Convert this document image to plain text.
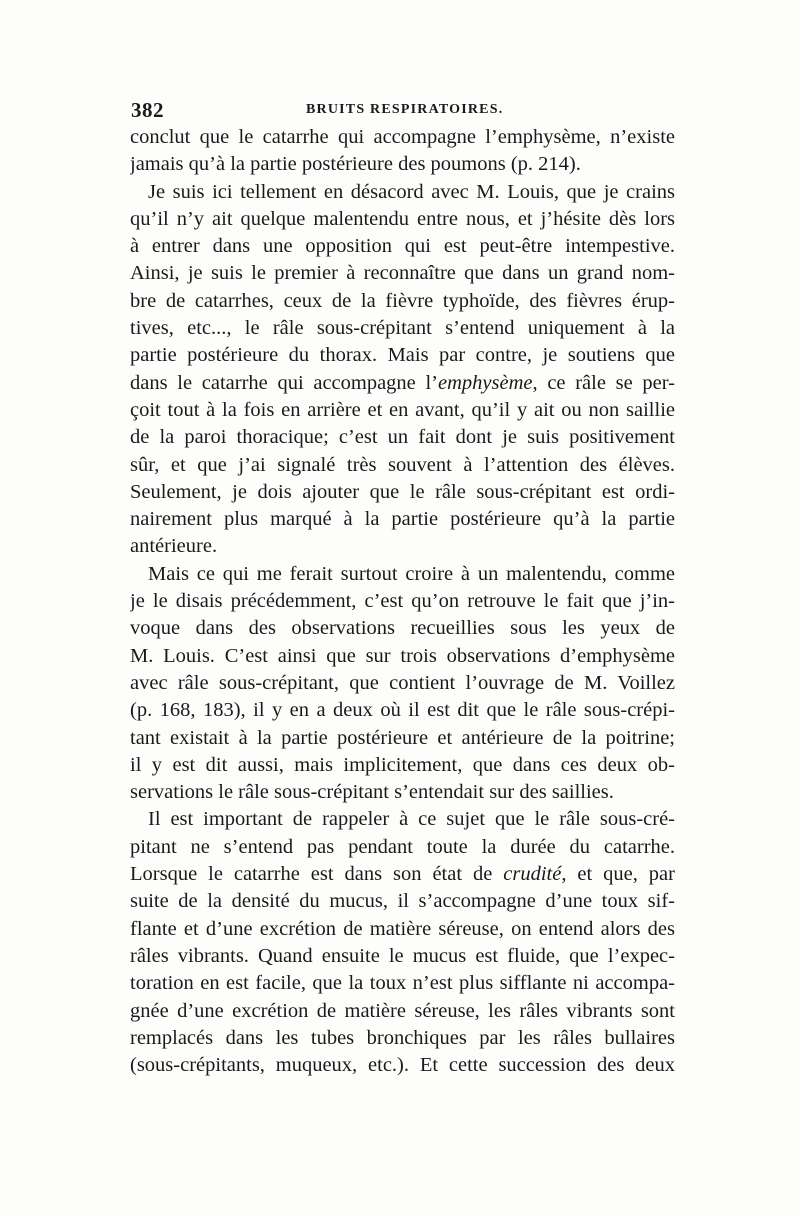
382	BRUITS RESPIRATOIRES.
conclut que le catarrhe qui accompagne l’emphysème, n’existe
jamais qu’à la partie postérieure des poumons (p. 214).
Je suis ici tellement en désacord avec M. Louis, que je crains
qu’il n’y ait quelque malentendu entre nous, et j’hésite dès lors
à entrer dans une opposition qui est peut-être intempestive.
Ainsi, je suis le premier à reconnaître que dans un grand nom-
bre de catarrhes, ceux de la fièvre typhoïde, des fièvres érup-
tives, etc..., le râle sous-crépitant s’entend uniquement à la
partie postérieure du thorax. Mais par contre, je soutiens que
dans le catarrhe qui accompagne l’emphysème, ce râle se per-
çoit tout à la fois en arrière et en avant, qu’il y ait ou non saillie
de la paroi thoracique; c’est un fait dont je suis positivement
sûr, et que j’ai signalé très souvent à l’attention des élèves.
Seulement, je dois ajouter que le râle sous-crépitant est ordi-
nairement plus marqué à la partie postérieure qu’à la partie
antérieure.
Mais ce qui me ferait surtout croire à un malentendu, comme
je le disais précédemment, c’est qu’on retrouve le fait que j’in-
voque dans des observations recueillies sous les yeux de
M. Louis. C’est ainsi que sur trois observations d’emphysème
avec râle sous-crépitant, que contient l’ouvrage de M. Voillez
(p. 168, 183), il y en a deux où il est dit que le râle sous-crépi-
tant existait à la partie postérieure et antérieure de la poitrine;
il y est dit aussi, mais implicitement, que dans ces deux ob-
servations le râle sous-crépitant s’entendait sur des saillies.
Il est important de rappeler à ce sujet que le râle sous-cré-
pitant ne s’entend pas pendant toute la durée du catarrhe.
Lorsque le catarrhe est dans son état de crudité, et que, par
suite de la densité du mucus, il s’accompagne d’une toux sif-
flante et d’une excrétion de matière séreuse, on entend alors des
râles vibrants. Quand ensuite le mucus est fluide, que l’expec-
toration en est facile, que la toux n’est plus sifflante ni accompa-
gnée d’une excrétion de matière séreuse, les râles vibrants sont
remplacés dans les tubes bronchiques par les râles bullaires
(sous-crépitants, muqueux, etc.). Et cette succession des deux
